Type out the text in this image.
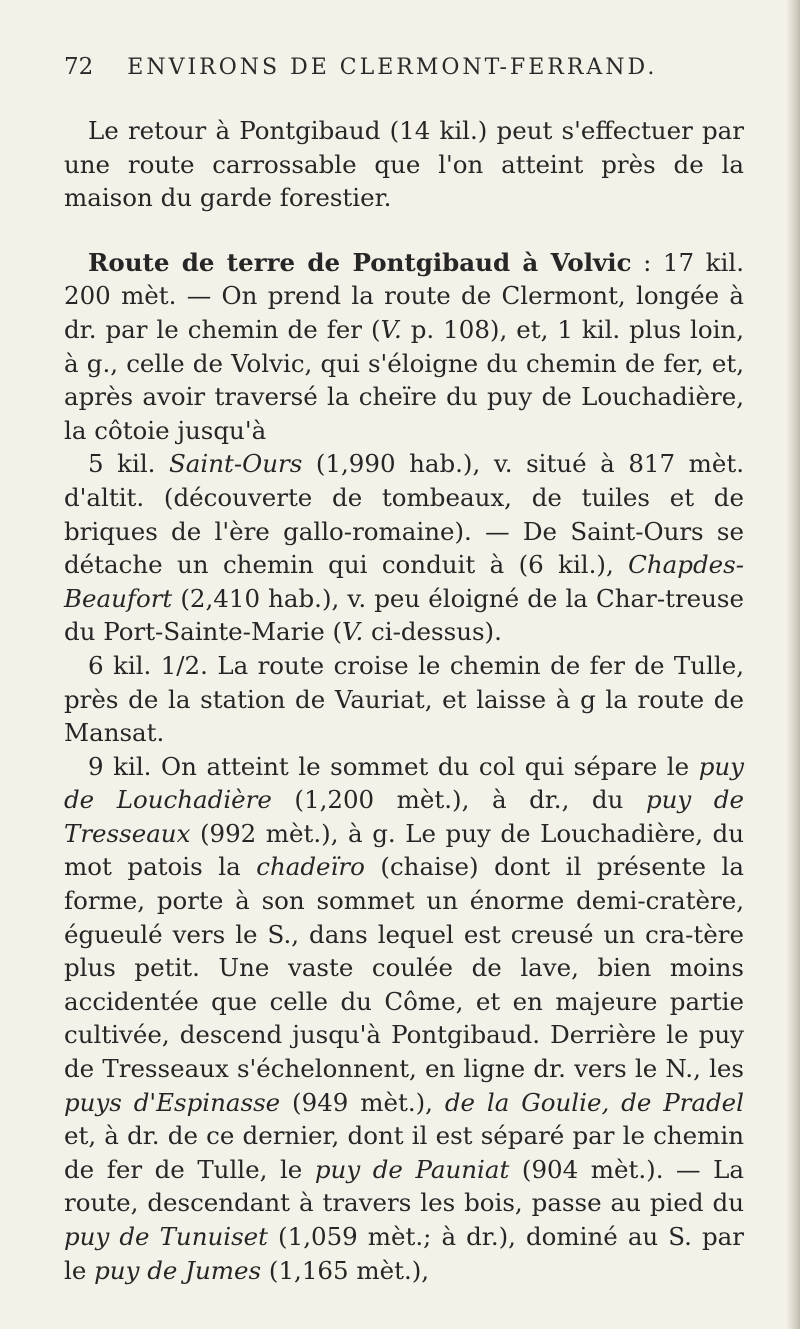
72 ENVIRONS DE CLERMONT-FERRAND.

Le retour à Pontgibaud (14 kil.) peut s'effectuer par une route carrossable que l'on atteint près de la maison du garde forestier.

Route de terre de Pontgibaud à Volvic : 17 kil. 200 mèt. — On prend la route de Clermont, longée à dr. par le chemin de fer (V. p. 108), et, 1 kil. plus loin, à g., celle de Volvic, qui s'éloigne du chemin de fer, et, après avoir traversé la cheïre du puy de Louchadière, la côtoie jusqu'à

5 kil. Saint-Ours (1,990 hab.), v. situé à 817 mèt. d'altit. (découverte de tombeaux, de tuiles et de briques de l'ère gallo-romaine). — De Saint-Ours se détache un chemin qui conduit à (6 kil.), Chapdes-Beaufort (2,410 hab.), v. peu éloigné de la Char-treuse du Port-Sainte-Marie (V. ci-dessus).

6 kil. 1/2. La route croise le chemin de fer de Tulle, près de la station de Vauriat, et laisse à g la route de Mansat.

9 kil. On atteint le sommet du col qui sépare le puy de Louchadière (1,200 mèt.), à dr., du puy de Tresseaux (992 mèt.), à g. Le puy de Louchadière, du mot patois la chadeïro (chaise) dont il présente la forme, porte à son sommet un énorme demi-cratère, égueulé vers le S., dans lequel est creusé un cra-tère plus petit. Une vaste coulée de lave, bien moins accidentée que celle du Côme, et en majeure partie cultivée, descend jusqu'à Pontgibaud. Derrière le puy de Tresseaux s'échelonnent, en ligne dr. vers le N., les puys d'Espinasse (949 mèt.), de la Goulie, de Pradel et, à dr. de ce dernier, dont il est séparé par le chemin de fer de Tulle, le puy de Pauniat (904 mèt.). — La route, descendant à travers les bois, passe au pied du puy de Tunuiset (1,059 mèt.; à dr.), dominé au S. par le puy de Jumes (1,165 mèt.),
